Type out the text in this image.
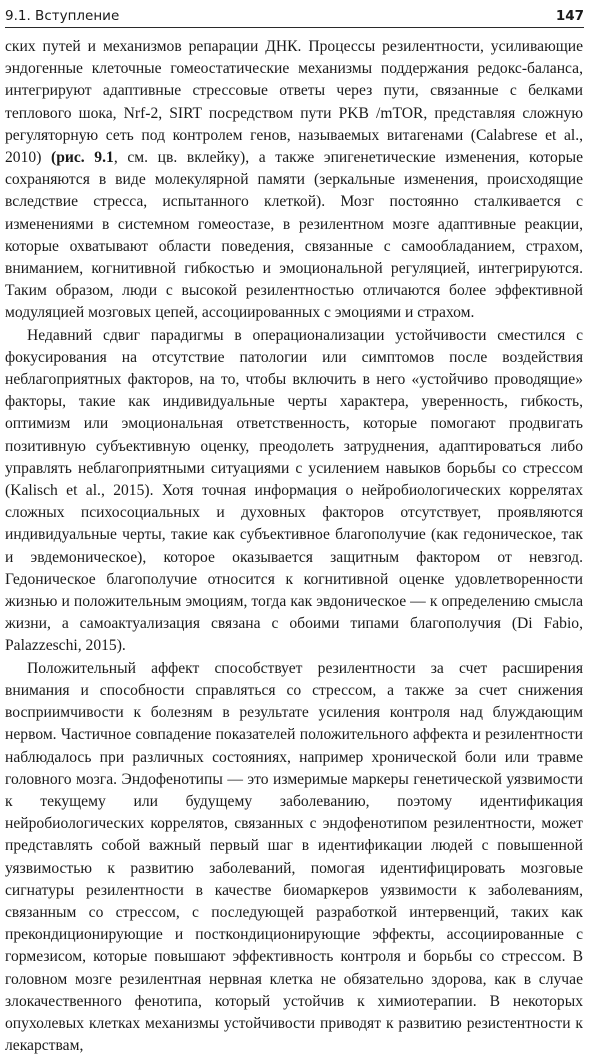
9.1. Вступление	147

ских путей и механизмов репарации ДНК. Процессы резилентности, усиливающие эндогенные клеточные гомеостатические механизмы поддержания редокс-баланса, интегрируют адаптивные стрессовые ответы через пути, связанные с белками теплового шока, Nrf-2, SIRT посредством пути PKB /mTOR, представляя сложную регуляторную сеть под контролем генов, называемых витагенами (Calabrese et al., 2010) (рис. 9.1, см. цв. вклейку), а также эпигенетические изменения, которые сохраняются в виде молекулярной памяти (зеркальные изменения, происходящие вследствие стресса, испытанного клеткой). Мозг постоянно сталкивается с изменениями в системном гомеостазе, в резилентном мозге адаптивные реакции, которые охватывают области поведения, связанные с самообладанием, страхом, вниманием, когнитивной гибкостью и эмоциональной регуляцией, интегрируются. Таким образом, люди с высокой резилентностью отличаются более эффективной модуляцией мозговых цепей, ассоциированных с эмоциями и страхом.

Недавний сдвиг парадигмы в операционализации устойчивости сместился с фокусирования на отсутствие патологии или симптомов после воздействия неблагоприятных факторов, на то, чтобы включить в него «устойчиво проводящие» факторы, такие как индивидуальные черты характера, уверенность, гибкость, оптимизм или эмоциональная ответственность, которые помогают продвигать позитивную субъективную оценку, преодолеть затруднения, адаптироваться либо управлять неблагоприятными ситуациями с усилением навыков борьбы со стрессом (Kalisch et al., 2015). Хотя точная информация о нейробиологических коррелятах сложных психосоциальных и духовных факторов отсутствует, проявляются индивидуальные черты, такие как субъективное благополучие (как гедоническое, так и эвдемоническое), которое оказывается защитным фактором от невзгод. Гедоническое благополучие относится к когнитивной оценке удовлетворенности жизнью и положительным эмоциям, тогда как эвдоническое — к определению смысла жизни, а самоактуализация связана с обоими типами благополучия (Di Fabio, Palazzeschi, 2015).

Положительный аффект способствует резилентности за счет расширения внимания и способности справляться со стрессом, а также за счет снижения восприимчивости к болезням в результате усиления контроля над блуждающим нервом. Частичное совпадение показателей положительного аффекта и резилентности наблюдалось при различных состояниях, например хронической боли или травме головного мозга. Эндофенотипы — это измеримые маркеры генетической уязвимости к текущему или будущему заболеванию, поэтому идентификация нейробиологических коррелятов, связанных с эндофенотипом резилентности, может представлять собой важный первый шаг в идентификации людей с повышенной уязвимостью к развитию заболеваний, помогая идентифицировать мозговые сигнатуры резилентности в качестве биомаркеров уязвимости к заболеваниям, связанным со стрессом, с последующей разработкой интервенций, таких как прекондиционирующие и посткондиционирующие эффекты, ассоциированные с гормезисом, которые повышают эффективность контроля и борьбы со стрессом. В головном мозге резилентная нервная клетка не обязательно здорова, как в случае злокачественного фенотипа, который устойчив к химиотерапии. В некоторых опухолевых клетках механизмы устойчивости приводят к развитию резистентности к лекарствам,
